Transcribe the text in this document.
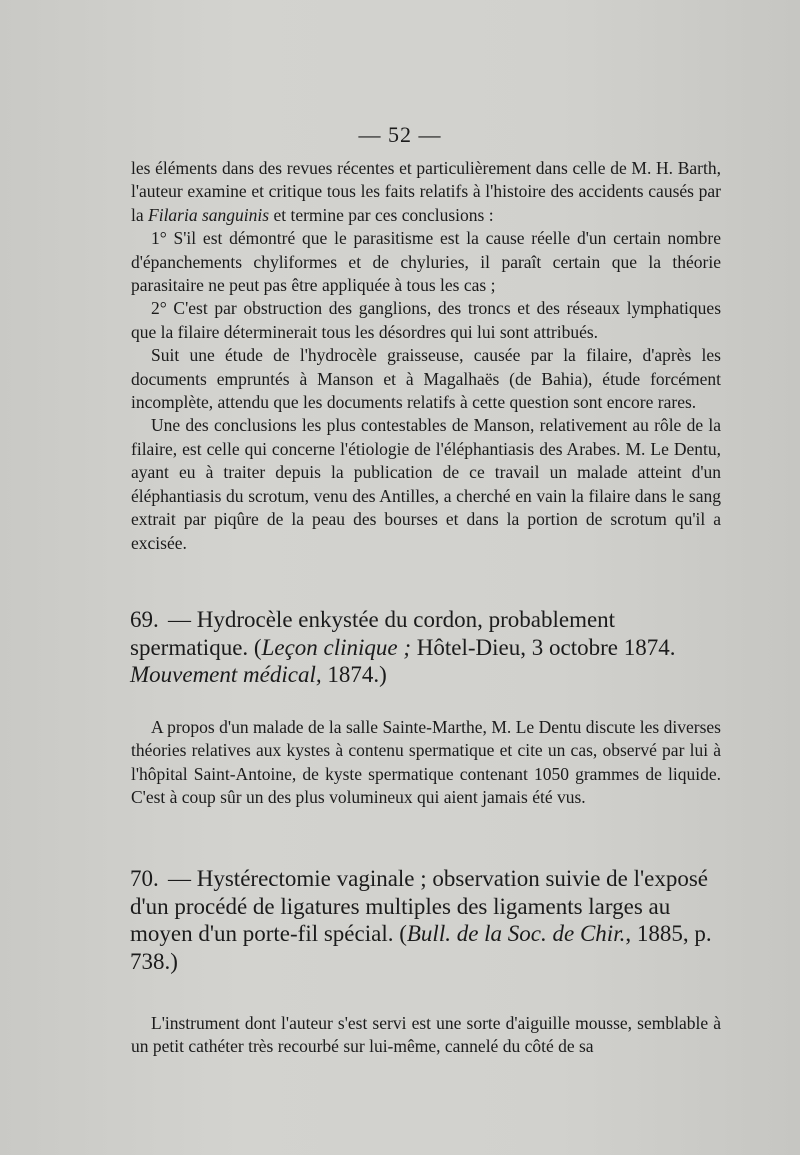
— 52 —

les éléments dans des revues récentes et particulièrement dans celle de M. H. Barth, l'auteur examine et critique tous les faits relatifs à l'histoire des accidents causés par la Filaria sanguinis et termine par ces conclusions :

1° S'il est démontré que le parasitisme est la cause réelle d'un certain nombre d'épanchements chyliformes et de chyluries, il paraît certain que la théorie parasitaire ne peut pas être appliquée à tous les cas ;

2° C'est par obstruction des ganglions, des troncs et des réseaux lymphatiques que la filaire déterminerait tous les désordres qui lui sont attribués.

Suit une étude de l'hydrocèle graisseuse, causée par la filaire, d'après les documents empruntés à Manson et à Magalhaës (de Bahia), étude forcément incomplète, attendu que les documents relatifs à cette question sont encore rares.

Une des conclusions les plus contestables de Manson, relativement au rôle de la filaire, est celle qui concerne l'étiologie de l'éléphantiasis des Arabes. M. Le Dentu, ayant eu à traiter depuis la publication de ce travail un malade atteint d'un éléphantiasis du scrotum, venu des Antilles, a cherché en vain la filaire dans le sang extrait par piqûre de la peau des bourses et dans la portion de scrotum qu'il a excisée.

69. — Hydrocèle enkystée du cordon, probablement spermatique. (Leçon clinique ; Hôtel-Dieu, 3 octobre 1874. Mouvement médical, 1874.)

A propos d'un malade de la salle Sainte-Marthe, M. Le Dentu discute les diverses théories relatives aux kystes à contenu spermatique et cite un cas, observé par lui à l'hôpital Saint-Antoine, de kyste spermatique contenant 1050 grammes de liquide. C'est à coup sûr un des plus volumineux qui aient jamais été vus.

70. — Hystérectomie vaginale ; observation suivie de l'exposé d'un procédé de ligatures multiples des ligaments larges au moyen d'un porte-fil spécial. (Bull. de la Soc. de Chir., 1885, p. 738.)

L'instrument dont l'auteur s'est servi est une sorte d'aiguille mousse, semblable à un petit cathéter très recourbé sur lui-même, cannelé du côté de sa
